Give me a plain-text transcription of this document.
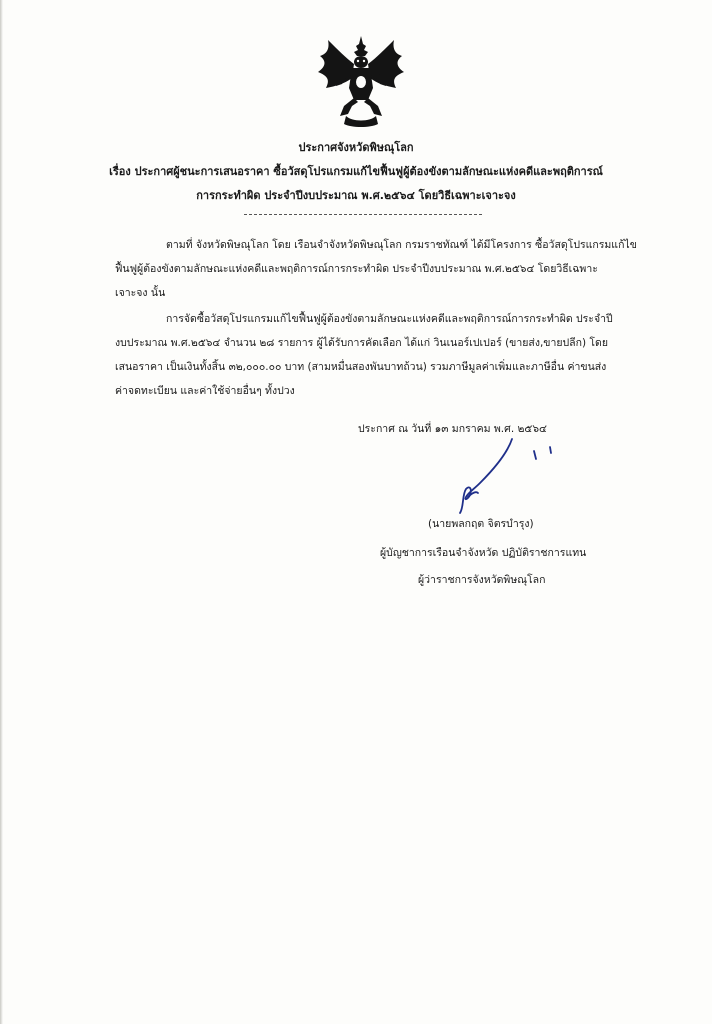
ประกาศจังหวัดพิษณุโลก
เรื่อง ประกาศผู้ชนะการเสนอราคา ซื้อวัสดุโปรแกรมแก้ไขฟื้นฟูผู้ต้องขังตามลักษณะแห่งคดีและพฤติการณ์
การกระทำผิด ประจำปีงบประมาณ พ.ศ.๒๕๖๔ โดยวิธีเฉพาะเจาะจง
ตามที่ จังหวัดพิษณุโลก โดย เรือนจำจังหวัดพิษณุโลก กรมราชทัณฑ์ ได้มีโครงการ ซื้อวัสดุโปรแกรมแก้ไข
ฟื้นฟูผู้ต้องขังตามลักษณะแห่งคดีและพฤติการณ์การกระทำผิด ประจำปีงบประมาณ พ.ศ.๒๕๖๔ โดยวิธีเฉพาะ
เจาะจง นั้น
การจัดซื้อวัสดุโปรแกรมแก้ไขฟื้นฟูผู้ต้องขังตามลักษณะแห่งคดีและพฤติการณ์การกระทำผิด ประจำปี
งบประมาณ พ.ศ.๒๕๖๔ จำนวน ๒๘ รายการ ผู้ได้รับการคัดเลือก ได้แก่ วินเนอร์เปเปอร์ (ขายส่ง,ขายปลีก) โดย
เสนอราคา เป็นเงินทั้งสิ้น ๓๒,๐๐๐.๐๐ บาท (สามหมื่นสองพันบาทถ้วน) รวมภาษีมูลค่าเพิ่มและภาษีอื่น ค่าขนส่ง
ค่าจดทะเบียน และค่าใช้จ่ายอื่นๆ ทั้งปวง
ประกาศ ณ วันที่ ๑๓ มกราคม พ.ศ. ๒๕๖๔
(นายพลกฤต จิตรบำรุง)
ผู้บัญชาการเรือนจำจังหวัด ปฏิบัติราชการแทน
ผู้ว่าราชการจังหวัดพิษณุโลก
